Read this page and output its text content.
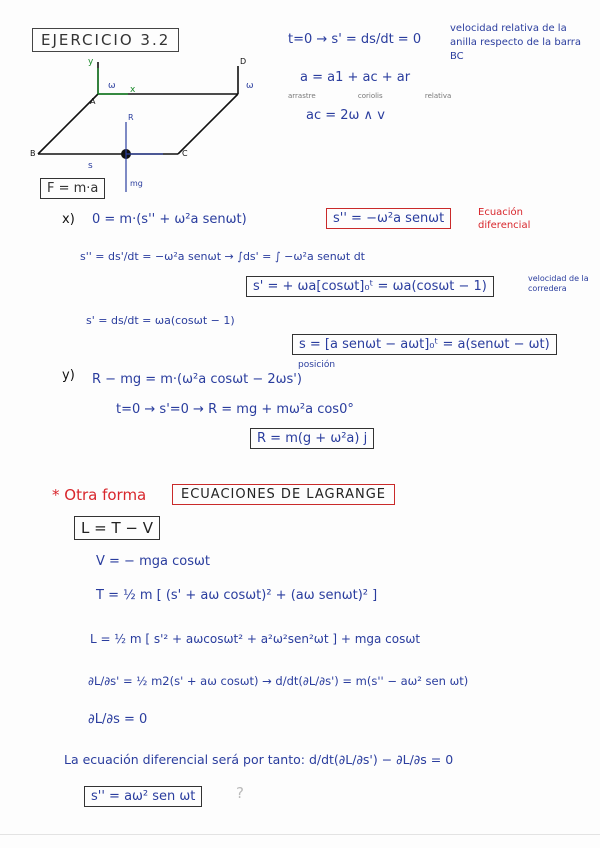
EJERCICIO 3.2	t=0 → s' = ds/dt = 0
velocidad relativa de la anilla respecto de la barra BC
a = a1 + ac + ar
arrastre	coriolis	relativa
ac = 2ω ∧ v
y
x
A
B	C
D
s
ω	ω
R
mg
F = m·a
x) 0 = m·(s'' + ω²a senωt)	s'' = −ω²a senωt	Ecuación diferencial
s'' = ds'/dt = −ω²a senωt → ∫ds' = ∫ −ω²a senωt dt
s' = + ωa[cosωt]₀ᵗ = ωa(cosωt − 1)
velocidad de la corredera
s' = ds/dt = ωa(cosωt − 1)
s = [a senωt − aωt]₀ᵗ = a(senωt − ωt)
posición
y) R − mg = m·(ω²a cosωt − 2ωs')
t=0 → s'=0 → R = mg + mω²a cos0°
R = m(g + ω²a) j
* Otra forma	ECUACIONES DE LAGRANGE
L = T − V
V = − mga cosωt
T = ½ m [ (s' + aω cosωt)² + (aω senωt)² ]
L = ½ m [ s'² + aωcosωt² + a²ω²sen²ωt ] + mga cosωt
∂L/∂s' = ½ m2(s' + aω cosωt) → d/dt(∂L/∂s') = m(s'' − aω² sen ωt)
∂L/∂s = 0
La ecuación diferencial será por tanto: d/dt(∂L/∂s') − ∂L/∂s = 0
s'' = aω² sen ωt	?
